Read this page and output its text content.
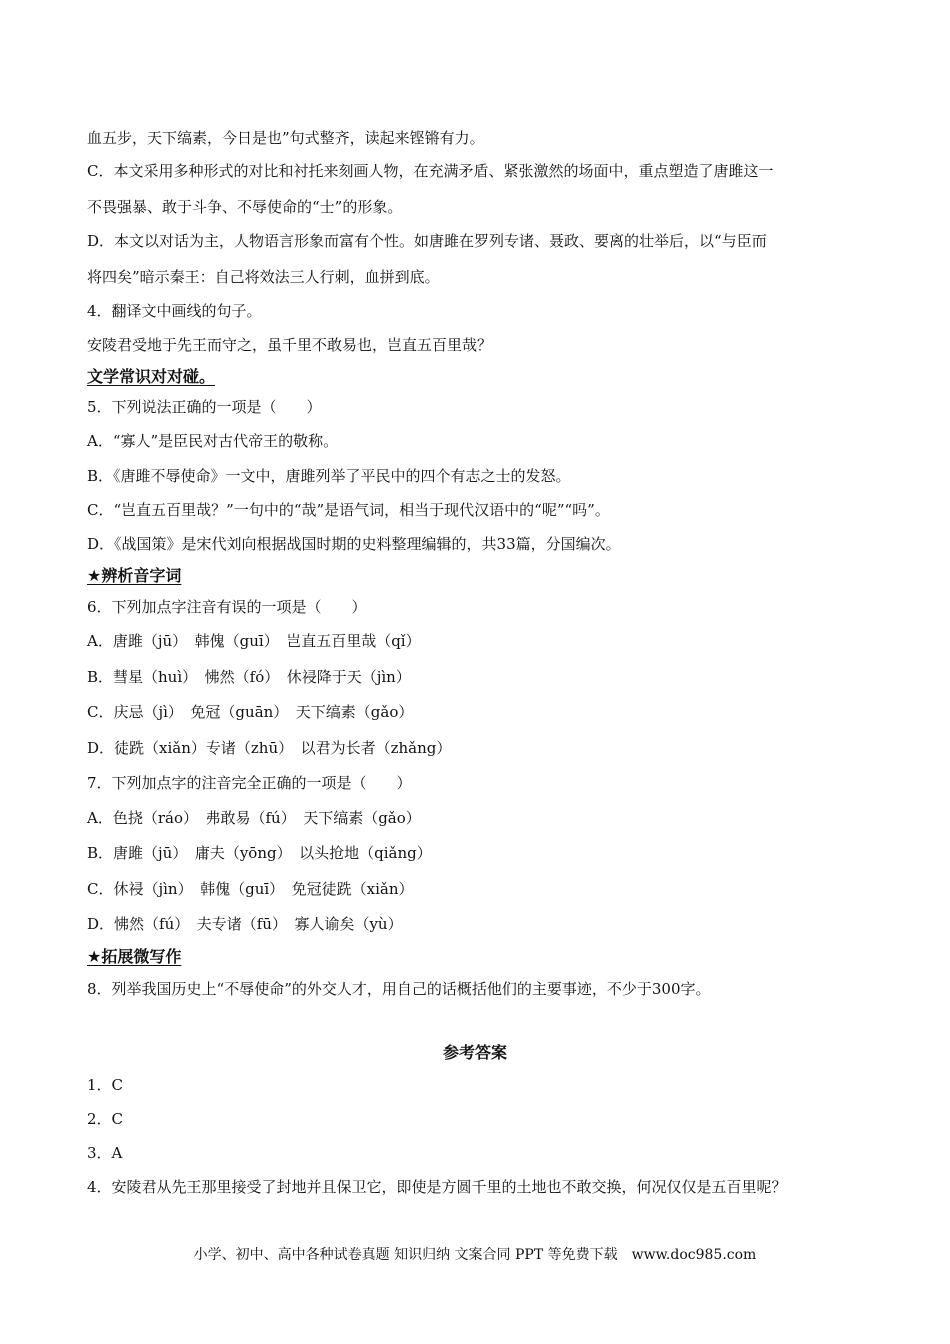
血五步，天下缟素，今日是也”句式整齐，读起来铿锵有力。
C．本文采用多种形式的对比和衬托来刻画人物，在充满矛盾、紧张激然的场面中，重点塑造了唐雎这一
不畏强暴、敢于斗争、不辱使命的“士”的形象。
D．本文以对话为主，人物语言形象而富有个性。如唐雎在罗列专诸、聂政、要离的壮举后，以“与臣而
将四矣”暗示秦王：自己将效法三人行刺，血拼到底。
4．翻译文中画线的句子。
安陵君受地于先王而守之，虽千里不敢易也，岂直五百里哉？
文学常识对对碰。
5．下列说法正确的一项是（　　）
A．“寡人”是臣民对古代帝王的敬称。
B．《唐雎不辱使命》一文中，唐雎列举了平民中的四个有志之士的发怒。
C．“岂直五百里哉？”一句中的“哉”是语气词，相当于现代汉语中的“呢”“吗”。
D．《战国策》是宋代刘向根据战国时期的史料整理编辑的，共33篇，分国编次。
★辨析音字词
6．下列加点字注音有误的一项是（　　）
A．唐雎（jū）　韩傀（guī）　岂直五百里哉（qǐ）
B．彗星（huì）　怫然（fó）　休祲降于天（jìn）
C．庆忌（jì）　免冠（guān）　天下缟素（gǎo）
D．徒跣（xiǎn）专诸（zhū）　以君为长者（zhǎng）
7．下列加点字的注音完全正确的一项是（　　）
A．色挠（ráo）　弗敢易（fú）　天下缟素（gǎo）
B．唐雎（jū）　庸夫（yōng）　以头抢地（qiǎng）
C．休祲（jìn）　韩傀（guī）　免冠徒跣（xiǎn）
D．怫然（fú）　夫专诸（fū）　寡人谕矣（yù）
★拓展微写作
8．列举我国历史上“不辱使命”的外交人才，用自己的话概括他们的主要事迹，不少于300字。
参考答案
1．C
2．C
3．A
4．安陵君从先王那里接受了封地并且保卫它，即使是方圆千里的土地也不敢交换，何况仅仅是五百里呢？
小学、初中、高中各种试卷真题 知识归纳 文案合同 PPT 等免费下载　www.doc985.com
